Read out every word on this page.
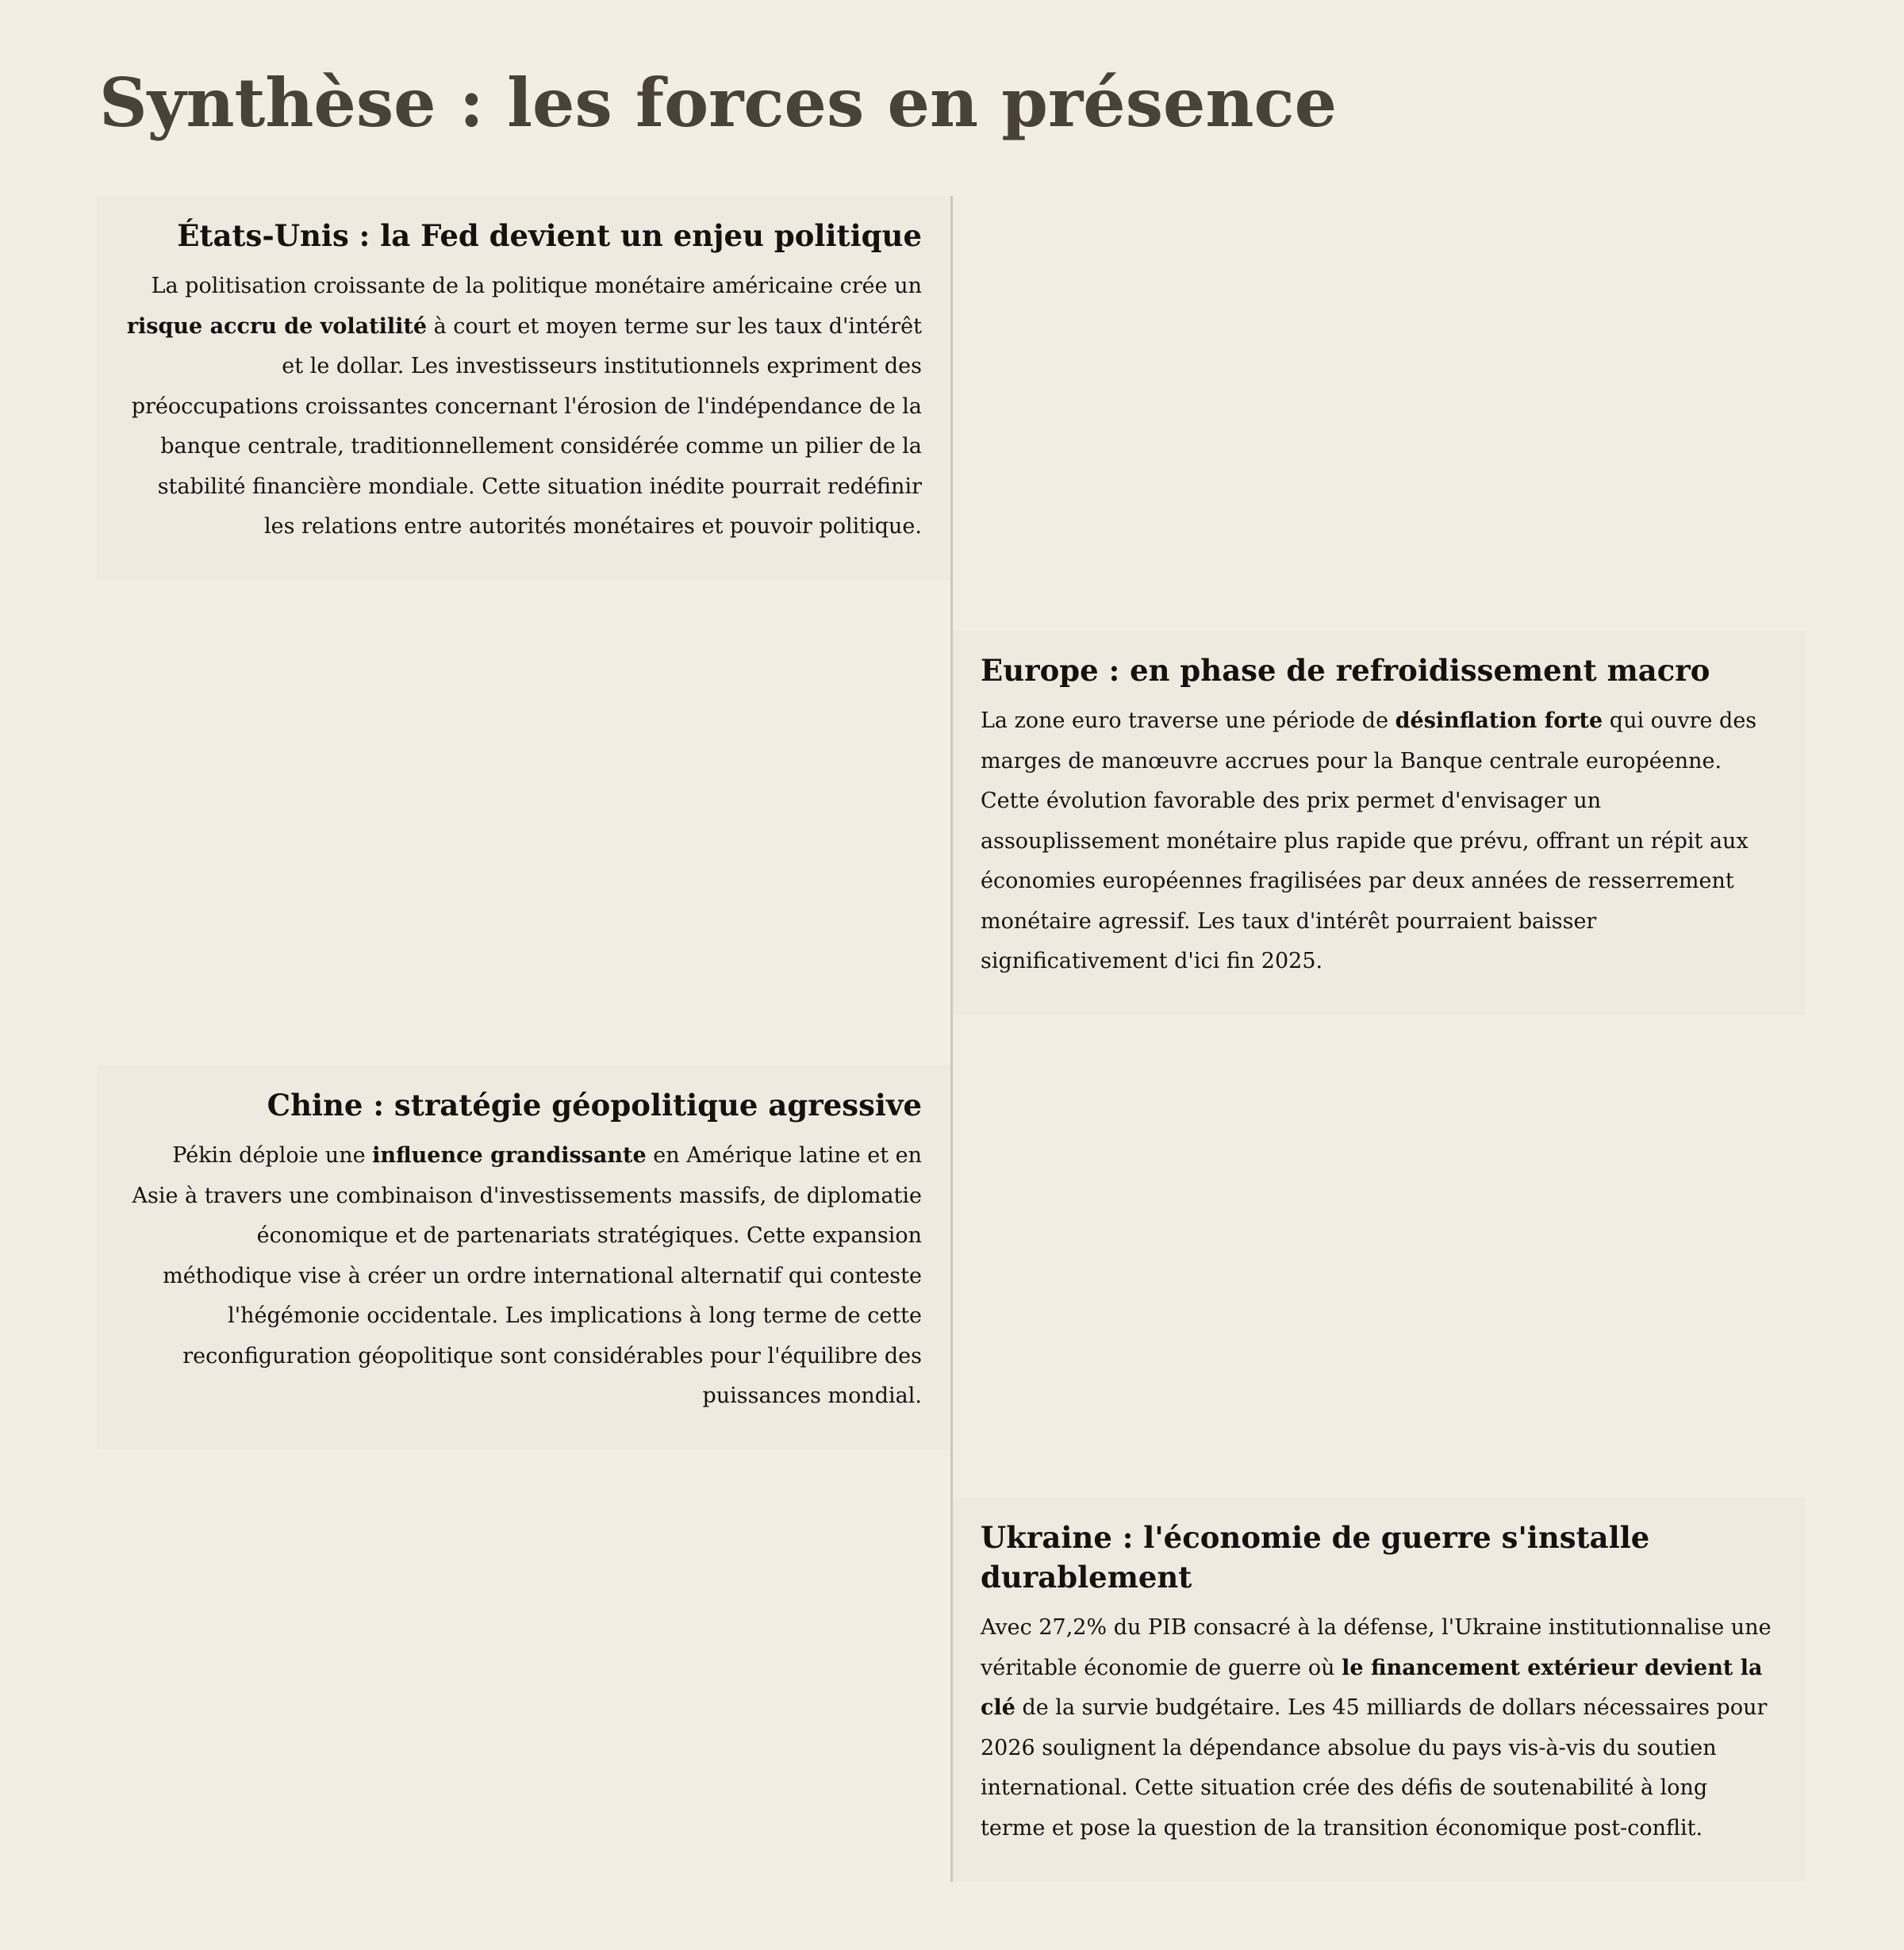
Synthèse : les forces en présence
États-Unis : la Fed devient un enjeu politique

La politisation croissante de la politique monétaire américaine crée un risque accru de volatilité à court et moyen terme sur les taux d'intérêt et le dollar. Les investisseurs institutionnels expriment des préoccupations croissantes concernant l'érosion de l'indépendance de la banque centrale, traditionnellement considérée comme un pilier de la stabilité financière mondiale. Cette situation inédite pourrait redéfinir les relations entre autorités monétaires et pouvoir politique.

Europe : en phase de refroidissement macro

La zone euro traverse une période de désinflation forte qui ouvre des marges de manœuvre accrues pour la Banque centrale européenne. Cette évolution favorable des prix permet d'envisager un assouplissement monétaire plus rapide que prévu, offrant un répit aux économies européennes fragilisées par deux années de resserrement monétaire agressif. Les taux d'intérêt pourraient baisser significativement d'ici fin 2025.

Chine : stratégie géopolitique agressive

Pékin déploie une influence grandissante en Amérique latine et en Asie à travers une combinaison d'investissements massifs, de diplomatie économique et de partenariats stratégiques. Cette expansion méthodique vise à créer un ordre international alternatif qui conteste l'hégémonie occidentale. Les implications à long terme de cette reconfiguration géopolitique sont considérables pour l'équilibre des puissances mondial.

Ukraine : l'économie de guerre s'installe durablement

Avec 27,2% du PIB consacré à la défense, l'Ukraine institutionnalise une véritable économie de guerre où le financement extérieur devient la clé de la survie budgétaire. Les 45 milliards de dollars nécessaires pour 2026 soulignent la dépendance absolue du pays vis-à-vis du soutien international. Cette situation crée des défis de soutenabilité à long terme et pose la question de la transition économique post-conflit.
